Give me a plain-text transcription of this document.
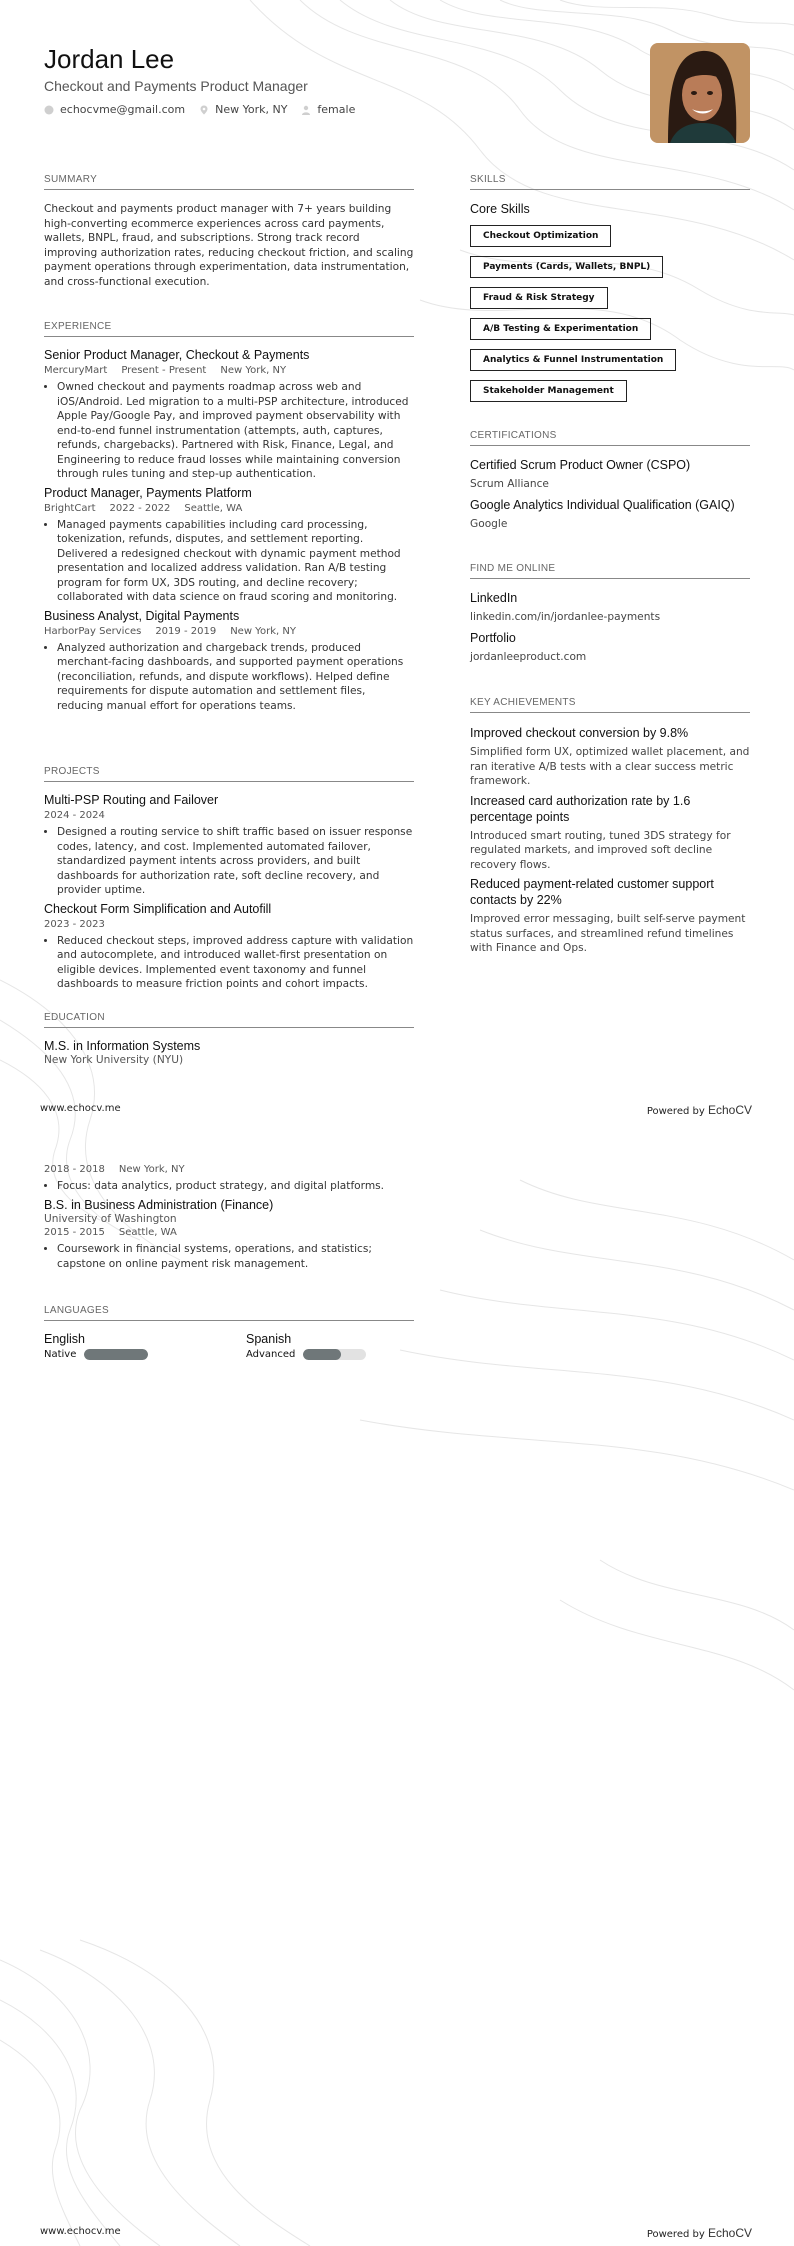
Jordan Lee
Checkout and Payments Product Manager
echocvme@gmail.com	New York, NY	female
SUMMARY
Checkout and payments product manager with 7+ years building high-converting ecommerce experiences across card payments, wallets, BNPL, fraud, and subscriptions. Strong track record improving authorization rates, reducing checkout friction, and scaling payment operations through experimentation, data instrumentation, and cross-functional execution.
EXPERIENCE
Senior Product Manager, Checkout & Payments
MercuryMart Present - Present New York, NY
• Owned checkout and payments roadmap across web and iOS/Android. Led migration to a multi-PSP architecture, introduced Apple Pay/Google Pay, and improved payment observability with end-to-end funnel instrumentation (attempts, auth, captures, refunds, chargebacks). Partnered with Risk, Finance, Legal, and Engineering to reduce fraud losses while maintaining conversion through rules tuning and step-up authentication.
Product Manager, Payments Platform
BrightCart 2022 - 2022 Seattle, WA
• Managed payments capabilities including card processing, tokenization, refunds, disputes, and settlement reporting. Delivered a redesigned checkout with dynamic payment method presentation and localized address validation. Ran A/B testing program for form UX, 3DS routing, and decline recovery; collaborated with data science on fraud scoring and monitoring.
Business Analyst, Digital Payments
HarborPay Services 2019 - 2019 New York, NY
• Analyzed authorization and chargeback trends, produced merchant-facing dashboards, and supported payment operations (reconciliation, refunds, and dispute workflows). Helped define requirements for dispute automation and settlement files, reducing manual effort for operations teams.
PROJECTS
Multi-PSP Routing and Failover
2024 - 2024
• Designed a routing service to shift traffic based on issuer response codes, latency, and cost. Implemented automated failover, standardized payment intents across providers, and built dashboards for authorization rate, soft decline recovery, and provider uptime.
Checkout Form Simplification and Autofill
2023 - 2023
• Reduced checkout steps, improved address capture with validation and autocomplete, and introduced wallet-first presentation on eligible devices. Implemented event taxonomy and funnel dashboards to measure friction points and cohort impacts.
EDUCATION
M.S. in Information Systems
New York University (NYU)
SKILLS
Core Skills
Checkout Optimization
Payments (Cards, Wallets, BNPL)
Fraud & Risk Strategy
A/B Testing & Experimentation
Analytics & Funnel Instrumentation
Stakeholder Management
CERTIFICATIONS
Certified Scrum Product Owner (CSPO)
Scrum Alliance
Google Analytics Individual Qualification (GAIQ)
Google
FIND ME ONLINE
LinkedIn
linkedin.com/in/jordanlee-payments
Portfolio
jordanleeproduct.com
KEY ACHIEVEMENTS
Improved checkout conversion by 9.8%
Simplified form UX, optimized wallet placement, and ran iterative A/B tests with a clear success metric framework.
Increased card authorization rate by 1.6 percentage points
Introduced smart routing, tuned 3DS strategy for regulated markets, and improved soft decline recovery flows.
Reduced payment-related customer support contacts by 22%
Improved error messaging, built self-serve payment status surfaces, and streamlined refund timelines with Finance and Ops.
www.echocv.me	Powered by EchoCV
2018 - 2018 New York, NY
• Focus: data analytics, product strategy, and digital platforms.
B.S. in Business Administration (Finance)
University of Washington
2015 - 2015 Seattle, WA
• Coursework in financial systems, operations, and statistics; capstone on online payment risk management.
LANGUAGES
English
Native
Spanish
Advanced
www.echocv.me	Powered by EchoCV
